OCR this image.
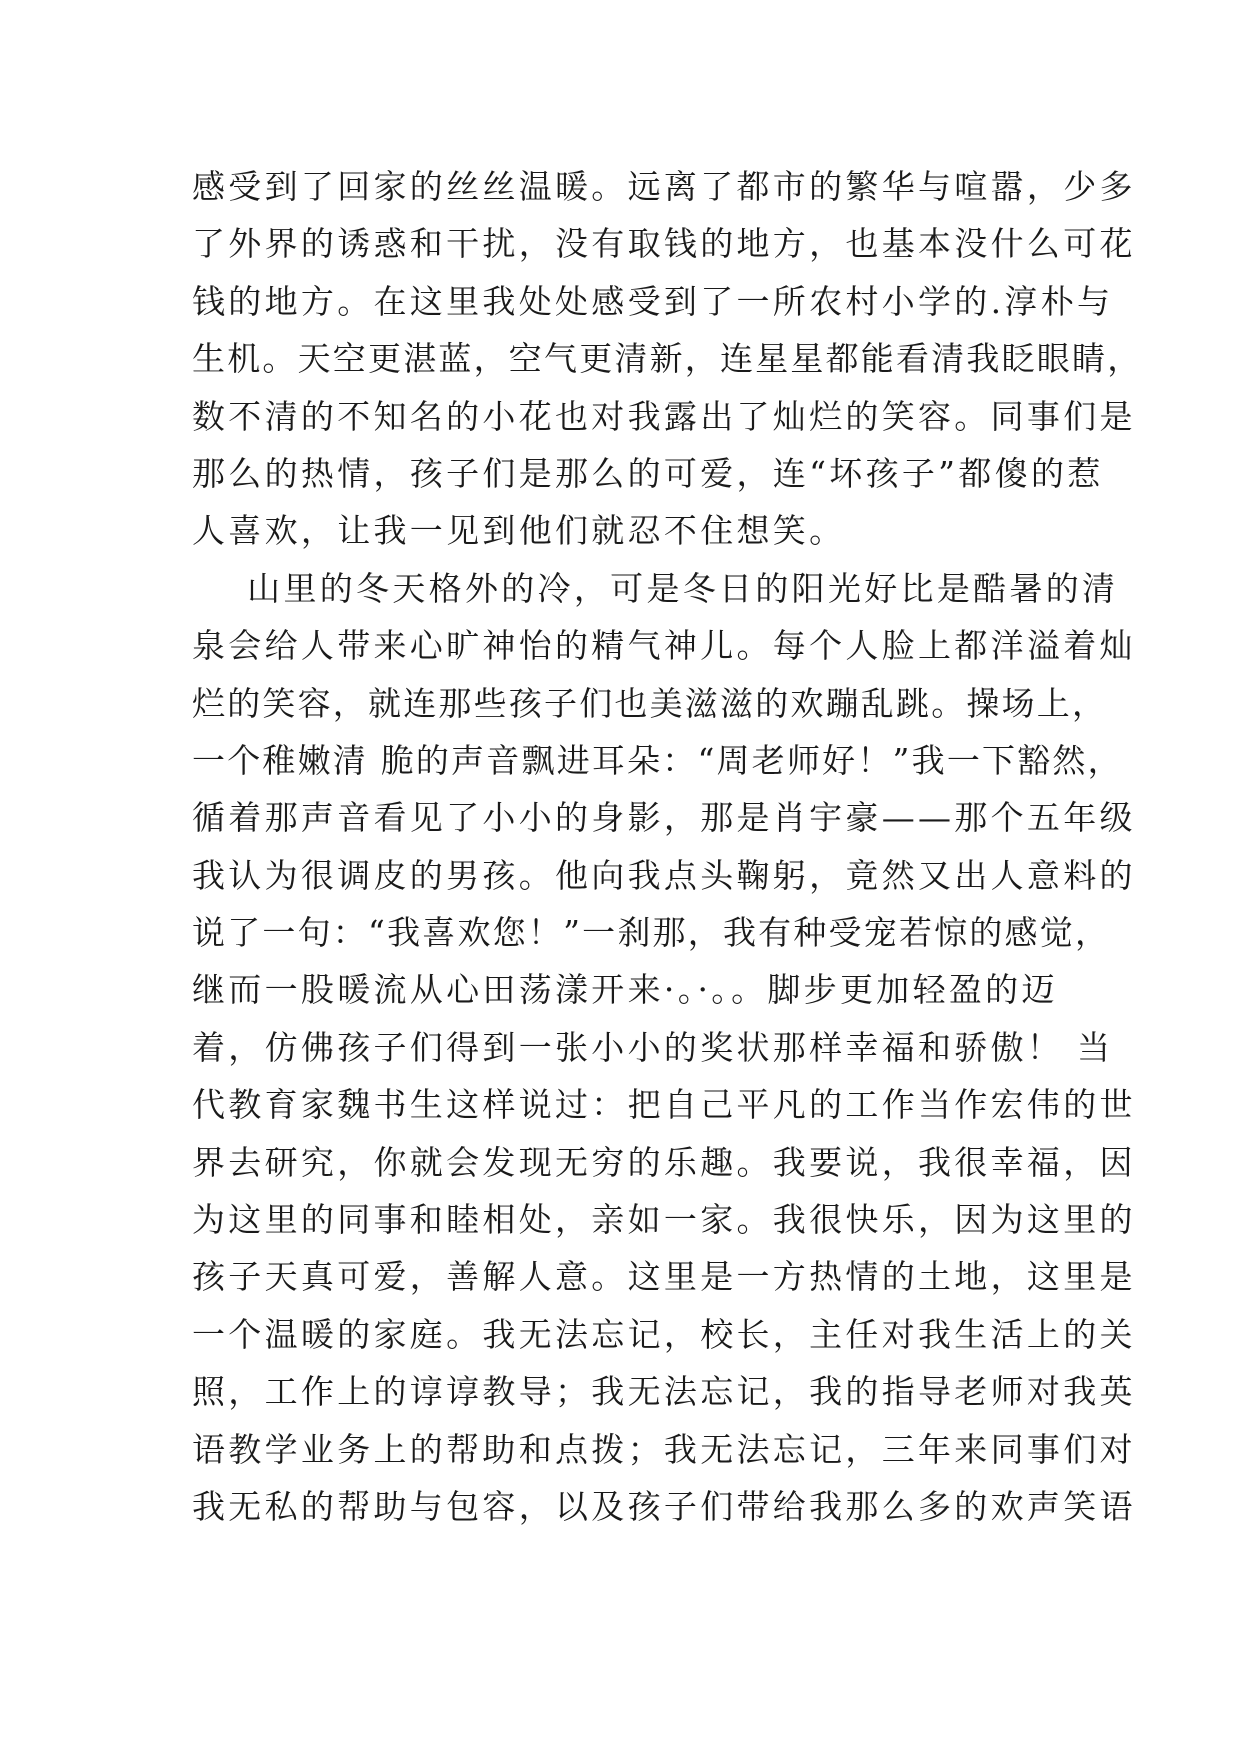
感受到了回家的丝丝温暖。远离了都市的繁华与喧嚣，少多
了外界的诱惑和干扰，没有取钱的地方，也基本没什么可花
钱的地方。在这里我处处感受到了一所农村小学的.淳朴与
生机。天空更湛蓝，空气更清新，连星星都能看清我眨眼睛，
数不清的不知名的小花也对我露出了灿烂的笑容。同事们是
那么的热情，孩子们是那么的可爱，连“坏孩子”都傻的惹
人喜欢，让我一见到他们就忍不住想笑。
山里的冬天格外的冷，可是冬日的阳光好比是酷暑的清
泉会给人带来心旷神怡的精气神儿。每个人脸上都洋溢着灿
烂的笑容，就连那些孩子们也美滋滋的欢蹦乱跳。操场上，
一个稚嫩清 脆的声音飘进耳朵：“周老师好！”我一下豁然，
循着那声音看见了小小的身影，那是肖宇豪——那个五年级
我认为很调皮的男孩。他向我点头鞠躬，竟然又出人意料的
说了一句：“我喜欢您！”一刹那，我有种受宠若惊的感觉，
继而一股暖流从心田荡漾开来·。·。。脚步更加轻盈的迈
着，仿佛孩子们得到一张小小的奖状那样幸福和骄傲！ 当
代教育家魏书生这样说过：把自己平凡的工作当作宏伟的世
界去研究，你就会发现无穷的乐趣。我要说，我很幸福，因
为这里的同事和睦相处，亲如一家。我很快乐，因为这里的
孩子天真可爱，善解人意。这里是一方热情的土地，这里是
一个温暖的家庭。我无法忘记，校长，主任对我生活上的关
照，工作上的谆谆教导；我无法忘记，我的指导老师对我英
语教学业务上的帮助和点拨；我无法忘记，三年来同事们对
我无私的帮助与包容，以及孩子们带给我那么多的欢声笑语
